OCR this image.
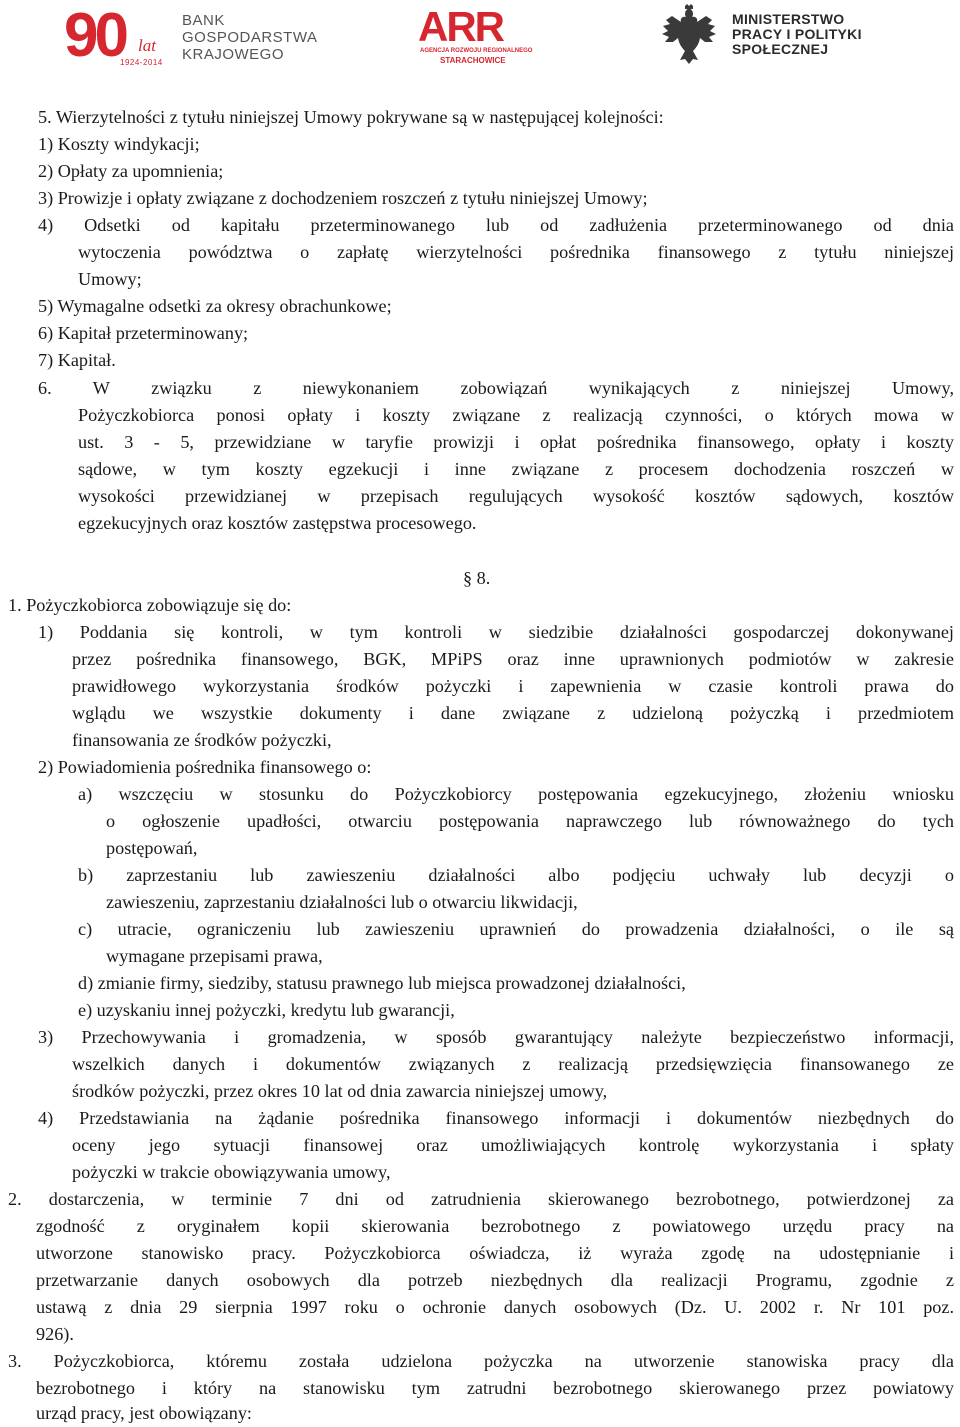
90 lat
1924-2014
BANK
GOSPODARSTWA
KRAJOWEGO
ARR
AGENCJA ROZWOJU REGIONALNEGO
STARACHOWICE
MINISTERSTWO
PRACY I POLITYKI
SPOŁECZNEJ

5. Wierzytelności z tytułu niniejszej Umowy pokrywane są w następującej kolejności:

1) Koszty windykacji;

2) Opłaty za upomnienia;

3) Prowizje i opłaty związane z dochodzeniem roszczeń z tytułu niniejszej Umowy;

4) Odsetki od kapitału przeterminowanego lub od zadłużenia przeterminowanego od dnia

wytoczenia powództwa o zapłatę wierzytelności pośrednika finansowego z tytułu niniejszej

Umowy;

5) Wymagalne odsetki za okresy obrachunkowe;

6) Kapitał przeterminowany;

7) Kapitał.

6. W związku z niewykonaniem zobowiązań wynikających z niniejszej Umowy,

Pożyczkobiorca ponosi opłaty i koszty związane z realizacją czynności, o których mowa w

ust. 3 - 5, przewidziane w taryfie prowizji i opłat pośrednika finansowego, opłaty i koszty

sądowe, w tym koszty egzekucji i inne związane z procesem dochodzenia roszczeń w

wysokości przewidzianej w przepisach regulujących wysokość kosztów sądowych, kosztów

egzekucyjnych oraz kosztów zastępstwa procesowego.

§ 8.

1. Pożyczkobiorca zobowiązuje się do:

1) Poddania się kontroli, w tym kontroli w siedzibie działalności gospodarczej dokonywanej

przez pośrednika finansowego, BGK, MPiPS oraz inne uprawnionych podmiotów w zakresie

prawidłowego wykorzystania środków pożyczki i zapewnienia w czasie kontroli prawa do

wglądu we wszystkie dokumenty i dane związane z udzieloną pożyczką i przedmiotem

finansowania ze środków pożyczki,

2) Powiadomienia pośrednika finansowego o:

a) wszczęciu w stosunku do Pożyczkobiorcy postępowania egzekucyjnego, złożeniu wniosku

o ogłoszenie upadłości, otwarciu postępowania naprawczego lub równoważnego do tych

postępowań,

b) zaprzestaniu lub zawieszeniu działalności albo podjęciu uchwały lub decyzji o

zawieszeniu, zaprzestaniu działalności lub o otwarciu likwidacji,

c) utracie, ograniczeniu lub zawieszeniu uprawnień do prowadzenia działalności, o ile są

wymagane przepisami prawa,

d) zmianie firmy, siedziby, statusu prawnego lub miejsca prowadzonej działalności,

e) uzyskaniu innej pożyczki, kredytu lub gwarancji,

3) Przechowywania i gromadzenia, w sposób gwarantujący należyte bezpieczeństwo informacji,

wszelkich danych i dokumentów związanych z realizacją przedsięwzięcia finansowanego ze

środków pożyczki, przez okres 10 lat od dnia zawarcia niniejszej umowy,

4) Przedstawiania na żądanie pośrednika finansowego informacji i dokumentów niezbędnych do

oceny jego sytuacji finansowej oraz umożliwiających kontrolę wykorzystania i spłaty

pożyczki w trakcie obowiązywania umowy,

2. dostarczenia, w terminie 7 dni od zatrudnienia skierowanego bezrobotnego, potwierdzonej za

zgodność z oryginałem kopii skierowania bezrobotnego z powiatowego urzędu pracy na

utworzone stanowisko pracy. Pożyczkobiorca oświadcza, iż wyraża zgodę na udostępnianie i

przetwarzanie danych osobowych dla potrzeb niezbędnych dla realizacji Programu, zgodnie z

ustawą z dnia 29 sierpnia 1997 roku o ochronie danych osobowych (Dz. U. 2002 r. Nr 101 poz.

926).

3. Pożyczkobiorca, któremu została udzielona pożyczka na utworzenie stanowiska pracy dla

bezrobotnego i który na stanowisku tym zatrudni bezrobotnego skierowanego przez powiatowy

urząd pracy, jest obowiązany:
